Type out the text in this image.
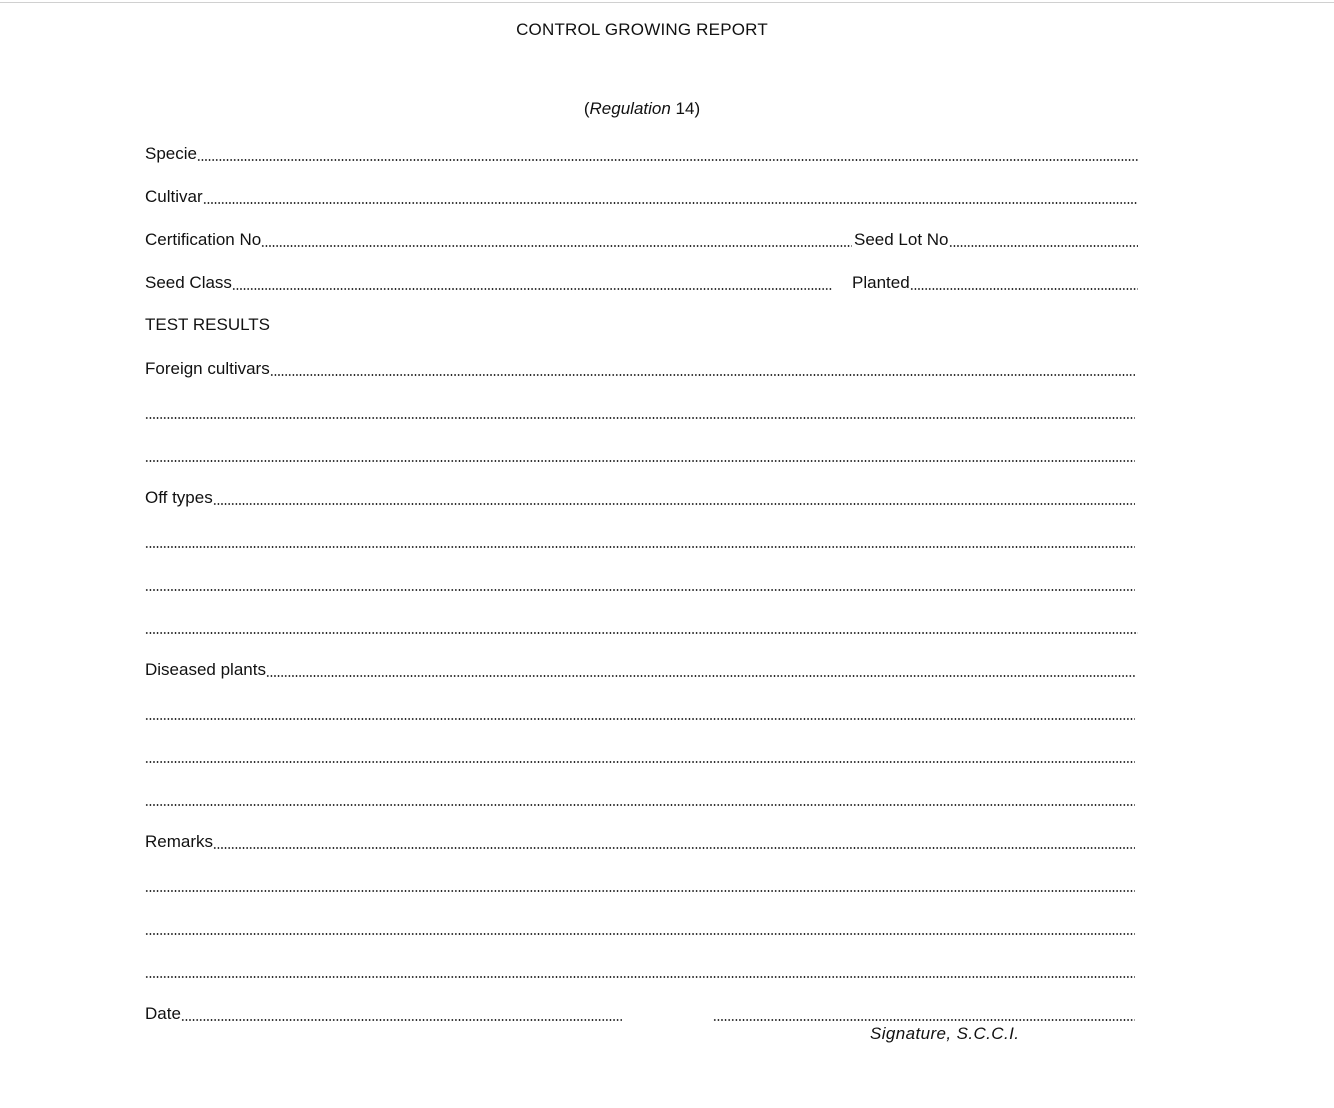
CONTROL GROWING REPORT
(Regulation 14)
Specie
Cultivar
Certification No	Seed Lot No
Seed Class	Planted
TEST RESULTS
Foreign cultivars
Off types
Diseased plants
Remarks
Date
Signature, S.C.C.I.
